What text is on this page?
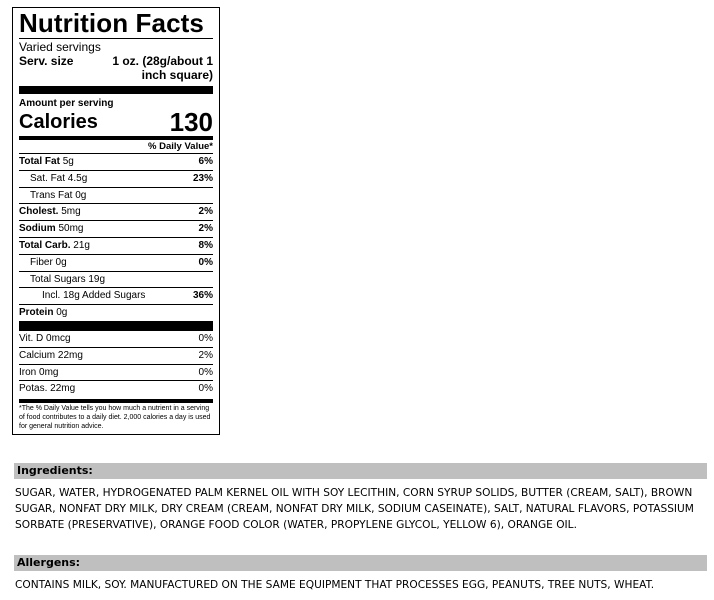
Nutrition Facts
Varied servings
Serv. size	1 oz. (28g/about 1 inch square)
Amount per serving
Calories	130
% Daily Value*
Total Fat 5g	6%
Sat. Fat 4.5g	23%
Trans Fat 0g
Cholest. 5mg	2%
Sodium 50mg	2%
Total Carb. 21g	8%
Fiber 0g	0%
Total Sugars 19g
Incl. 18g Added Sugars	36%
Protein 0g
Vit. D 0mcg	0%
Calcium 22mg	2%
Iron 0mg	0%
Potas. 22mg	0%
*The % Daily Value tells you how much a nutrient in a serving of food contributes to a daily diet. 2,000 calories a day is used for general nutrition advice.
Ingredients:
SUGAR, WATER, HYDROGENATED PALM KERNEL OIL WITH SOY LECITHIN, CORN SYRUP SOLIDS, BUTTER (CREAM, SALT), BROWN SUGAR, NONFAT DRY MILK, DRY CREAM (CREAM, NONFAT DRY MILK, SODIUM CASEINATE), SALT, NATURAL FLAVORS, POTASSIUM SORBATE (PRESERVATIVE), ORANGE FOOD COLOR (WATER, PROPYLENE GLYCOL, YELLOW 6), ORANGE OIL.
Allergens:
CONTAINS MILK, SOY. MANUFACTURED ON THE SAME EQUIPMENT THAT PROCESSES EGG, PEANUTS, TREE NUTS, WHEAT.
